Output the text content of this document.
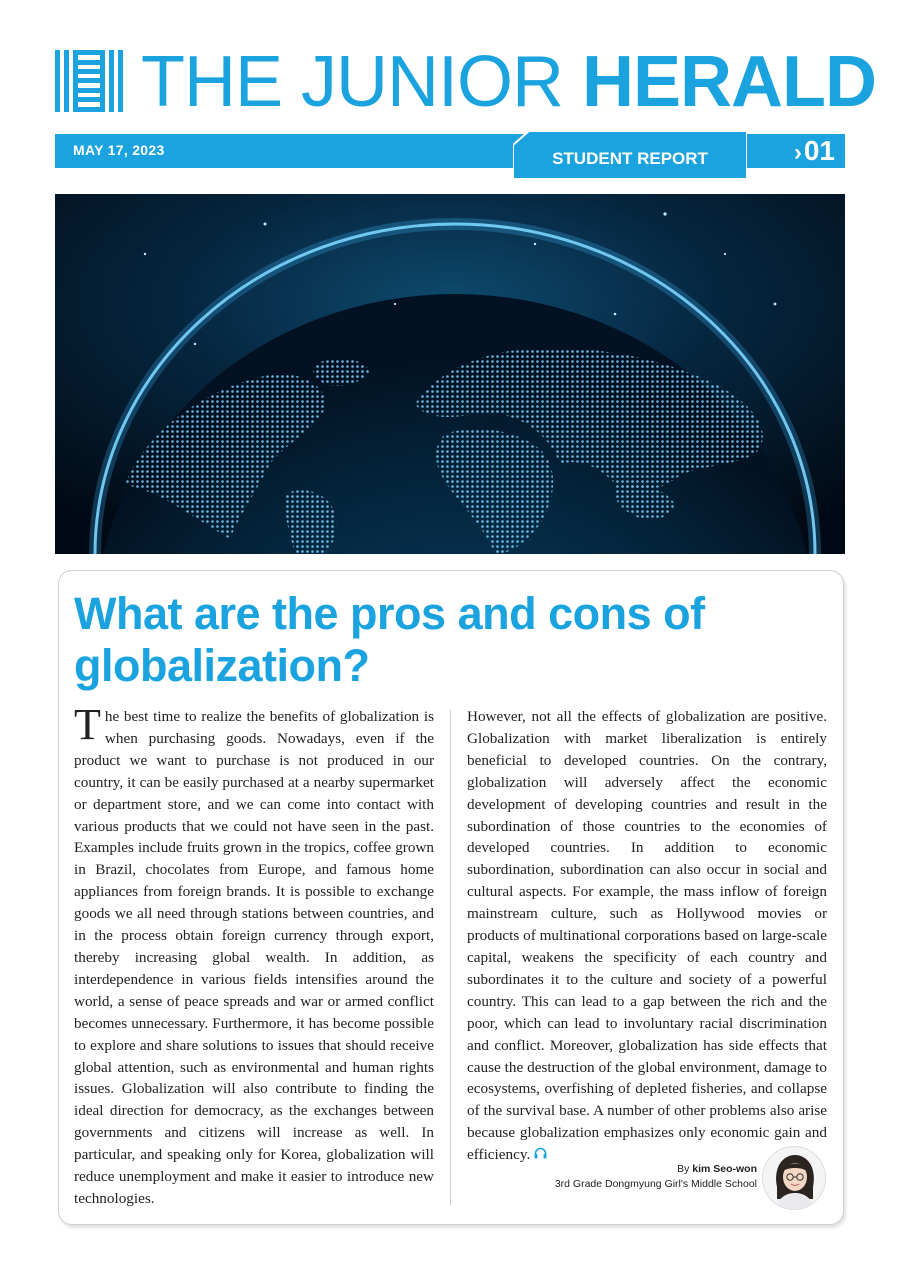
THE JUNIOR HERALD
MAY 17, 2023	STUDENT REPORT	›01
What are the pros and cons of globalization?
The best time to realize the benefits of globalization is when purchasing goods. Nowadays, even if the product we want to purchase is not produced in our country, it can be easily purchased at a nearby supermarket or department store, and we can come into contact with various products that we could not have seen in the past. Examples include fruits grown in the tropics, coffee grown in Brazil, chocolates from Europe, and famous home appliances from foreign brands. It is possible to exchange goods we all need through stations between countries, and in the process obtain foreign currency through export, thereby increasing global wealth. In addition, as interdependence in various fields intensifies around the world, a sense of peace spreads and war or armed conflict becomes unnecessary. Furthermore, it has become possible to explore and share solutions to issues that should receive global attention, such as environmental and human rights issues. Globalization will also contribute to finding the ideal direction for democracy, as the exchanges between governments and citizens will increase as well. In particular, and speaking only for Korea, globalization will reduce unemployment and make it easier to introduce new technologies.
However, not all the effects of globalization are positive. Globalization with market liberalization is entirely beneficial to developed countries. On the contrary, globalization will adversely affect the economic development of developing countries and result in the subordination of those countries to the economies of developed countries. In addition to economic subordination, subordination can also occur in social and cultural aspects. For example, the mass inflow of foreign mainstream culture, such as Hollywood movies or products of multinational corporations based on large-scale capital, weakens the specificity of each country and subordinates it to the culture and society of a powerful country. This can lead to a gap between the rich and the poor, which can lead to involuntary racial discrimination and conflict. Moreover, globalization has side effects that cause the destruction of the global environment, damage to ecosystems, overfishing of depleted fisheries, and collapse of the survival base. A number of other problems also arise because globalization emphasizes only economic gain and efficiency.
By kim Seo-won
3rd Grade Dongmyung Girl's Middle School
